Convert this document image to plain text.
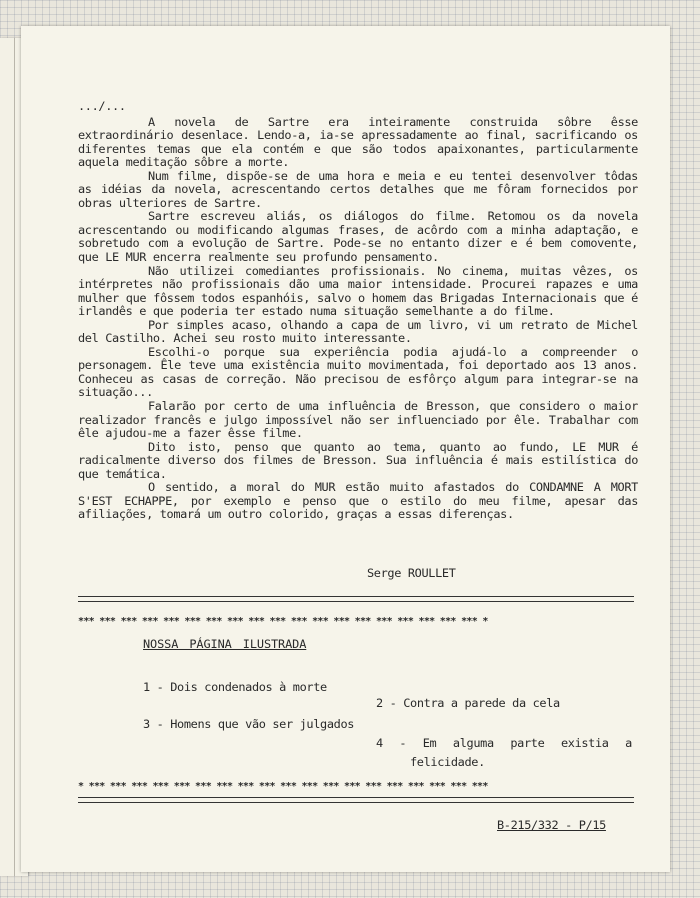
.../...

A novela de Sartre era inteiramente construida sôbre êsse extraordinário desenlace. Lendo-a, ia-se apressadamente ao final, sacrificando os diferentes temas que ela contém e que são todos apaixonantes, particularmente aquela meditação sôbre a morte.

Num filme, dispõe-se de uma hora e meia e eu tentei desenvolver tôdas as idéias da novela, acrescentando certos detalhes que me fôram fornecidos por obras ulteriores de Sartre.

Sartre escreveu aliás, os diálogos do filme. Retomou os da novela acrescentando ou modificando algumas frases, de acôrdo com a minha adaptação, e sobretudo com a evolução de Sartre. Pode-se no entanto dizer e é bem comovente, que LE MUR encerra realmente seu profundo pensamento.

Não utilizei comediantes profissionais. No cinema, muitas vêzes, os intérpretes não profissionais dão uma maior intensidade. Procurei rapazes e uma mulher que fôssem todos espanhóis, salvo o homem das Brigadas Internacionais que é irlandês e que poderia ter estado numa situação semelhante a do filme.

Por simples acaso, olhando a capa de um livro, vi um retrato de Michel del Castilho. Achei seu rosto muito interessante.

Escolhi-o porque sua experiência podia ajudá-lo a compreender o personagem. Êle teve uma existência muito movimentada, foi deportado aos 13 anos. Conheceu as casas de correção. Não precisou de esfôrço algum para integrar-se na situação...

Falarão por certo de uma influência de Bresson, que considero o maior realizador francês e julgo impossível não ser influenciado por êle. Trabalhar com êle ajudou-me a fazer êsse filme.

Dito isto, penso que quanto ao tema, quanto ao fundo, LE MUR é radicalmente diverso dos filmes de Bresson. Sua influência é mais estilística do que temática.

O sentido, a moral do MUR estão muito afastados do CONDAMNE A MORT S'EST ECHAPPE, por exemplo e penso que o estilo do meu filme, apesar das afiliações, tomará um outro colorido, graças a essas diferenças.

Serge ROULLET
*** *** *** *** *** *** *** *** *** *** *** *** *** *** *** *** *** *** *** *
NOSSA PÁGINA ILUSTRADA
1 - Dois condenados à morte
2 - Contra a parede da cela
3 - Homens que vão ser julgados
4 - Em alguma parte existia a
felicidade.
* *** *** *** *** *** *** *** *** *** *** *** *** *** *** *** *** *** *** ***
B-215/332 - P/15
